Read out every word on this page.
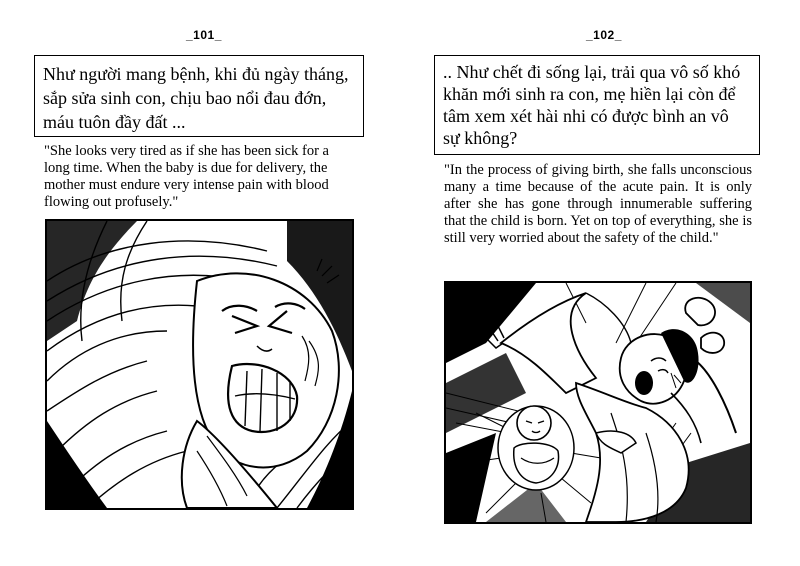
_101_
Như người mang bệnh, khi đủ ngày tháng,
sắp sửa sinh con, chịu bao nổi đau đớn,
máu tuôn đầy đất ...
"She looks very tired as if she has been sick for a long time. When the baby is due for delivery, the mother must endure very intense pain with blood flowing out profusely."
_102_
.. Như chết đi sống lại, trải qua vô số khó
khăn mới sinh ra con, mẹ hiền lại còn để
tâm xem xét hài nhi có được bình an vô
sự không?
"In the process of giving birth, she falls unconscious many a time because of the acute pain. It is only after she has gone through innumerable suffering that the child is born. Yet on top of everything, she is still very worried about the safety of the child."
